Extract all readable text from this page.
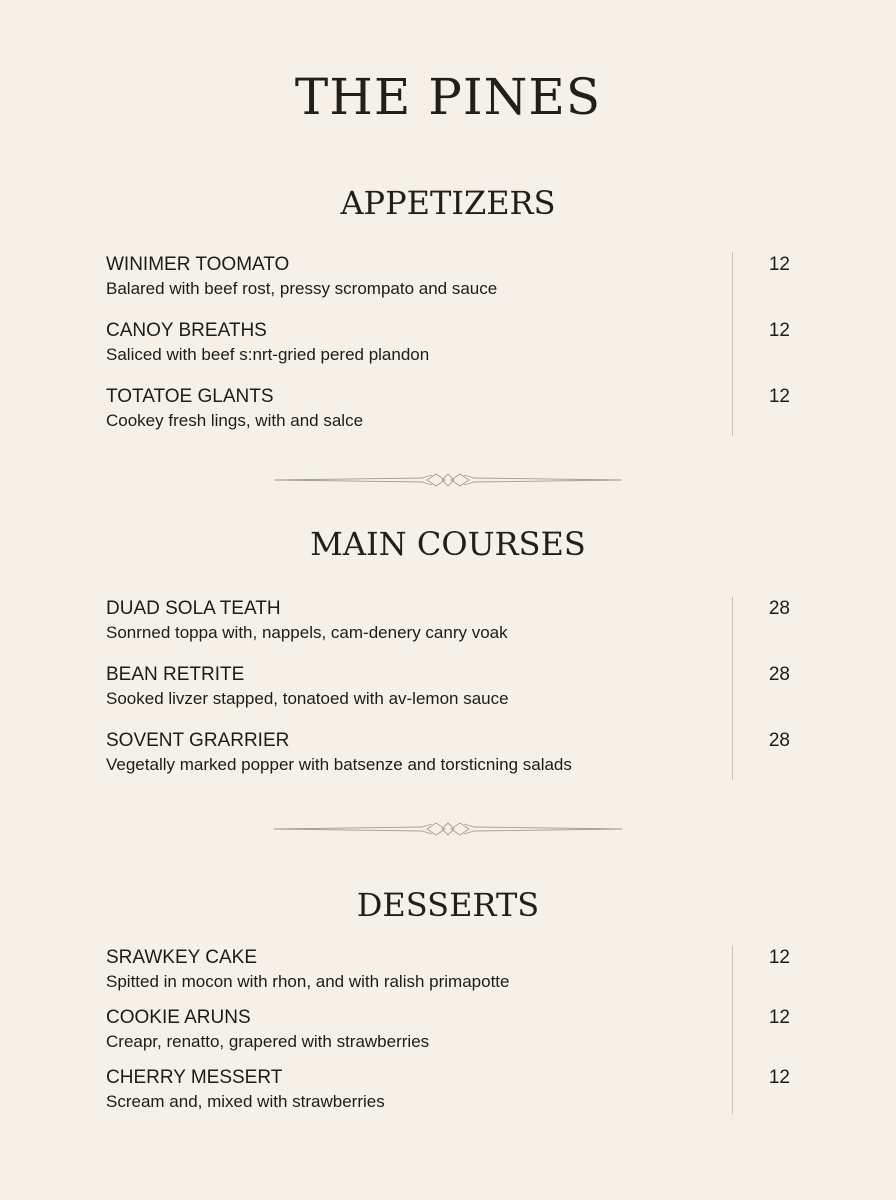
THE PINES
APPETIZERS
WINIMER TOOMATO
Balared with beef rost, pressy scrompato and sauce
12
CANOY BREATHS
Saliced with beef s:nrt-gried pered plandon
12
TOTATOE GLANTS
Cookey fresh lings, with and salce
12
MAIN COURSES
DUAD SOLA TEATH
Sonrned toppa with, nappels, cam-denery canry voak
28
BEAN RETRITE
Sooked livzer stapped, tonatoed with av-lemon sauce
28
SOVENT GRARRIER
Vegetally marked popper with batsenze and torsticning salads
28
DESSERTS
SRAWKEY CAKE
Spitted in mocon with rhon, and with ralish primapotte
12
COOKIE ARUNS
Creapr, renatto, grapered with strawberries
12
CHERRY MESSERT
Scream and, mixed with strawberries
12
